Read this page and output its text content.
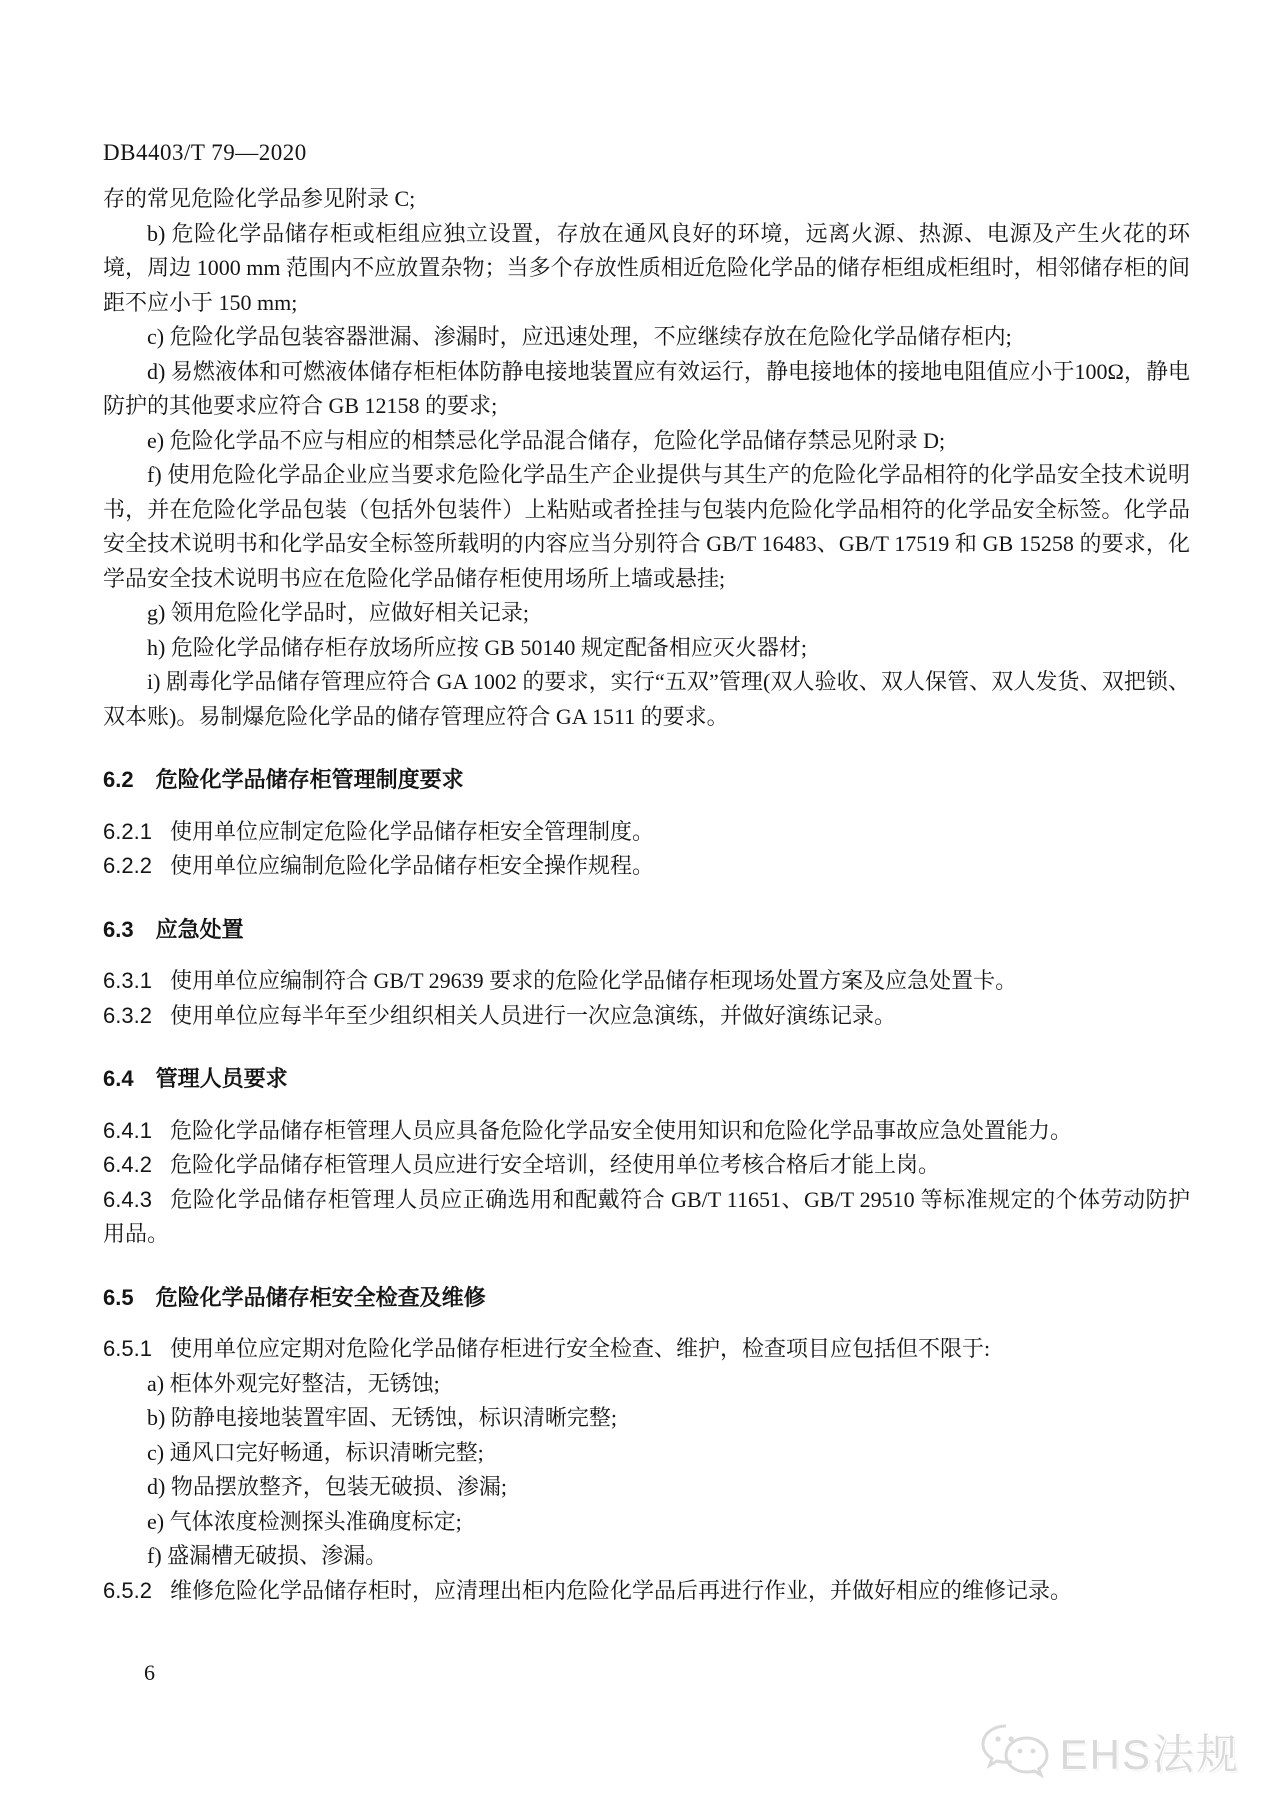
DB4403/T 79—2020

存的常见危险化学品参见附录 C;

b) 危险化学品储存柜或柜组应独立设置，存放在通风良好的环境，远离火源、热源、电源及产生火花的环境，周边 1000 mm 范围内不应放置杂物；当多个存放性质相近危险化学品的储存柜组成柜组时，相邻储存柜的间距不应小于 150 mm;

c) 危险化学品包装容器泄漏、渗漏时，应迅速处理，不应继续存放在危险化学品储存柜内;

d) 易燃液体和可燃液体储存柜柜体防静电接地装置应有效运行，静电接地体的接地电阻值应小于100Ω，静电防护的其他要求应符合 GB 12158 的要求;

e) 危险化学品不应与相应的相禁忌化学品混合储存，危险化学品储存禁忌见附录 D;

f) 使用危险化学品企业应当要求危险化学品生产企业提供与其生产的危险化学品相符的化学品安全技术说明书，并在危险化学品包装（包括外包装件）上粘贴或者拴挂与包装内危险化学品相符的化学品安全标签。化学品安全技术说明书和化学品安全标签所载明的内容应当分别符合 GB/T 16483、GB/T 17519 和 GB 15258 的要求，化学品安全技术说明书应在危险化学品储存柜使用场所上墙或悬挂;

g) 领用危险化学品时，应做好相关记录;

h) 危险化学品储存柜存放场所应按 GB 50140 规定配备相应灭火器材;

i) 剧毒化学品储存管理应符合 GA 1002 的要求，实行“五双”管理(双人验收、双人保管、双人发货、双把锁、双本账)。易制爆危险化学品的储存管理应符合 GA 1511 的要求。

6.2 危险化学品储存柜管理制度要求

6.2.1 使用单位应制定危险化学品储存柜安全管理制度。

6.2.2 使用单位应编制危险化学品储存柜安全操作规程。

6.3 应急处置

6.3.1 使用单位应编制符合 GB/T 29639 要求的危险化学品储存柜现场处置方案及应急处置卡。

6.3.2 使用单位应每半年至少组织相关人员进行一次应急演练，并做好演练记录。

6.4 管理人员要求

6.4.1 危险化学品储存柜管理人员应具备危险化学品安全使用知识和危险化学品事故应急处置能力。

6.4.2 危险化学品储存柜管理人员应进行安全培训，经使用单位考核合格后才能上岗。

6.4.3 危险化学品储存柜管理人员应正确选用和配戴符合 GB/T 11651、GB/T 29510 等标准规定的个体劳动防护用品。

6.5 危险化学品储存柜安全检查及维修

6.5.1 使用单位应定期对危险化学品储存柜进行安全检查、维护，检查项目应包括但不限于:

a) 柜体外观完好整洁，无锈蚀;

b) 防静电接地装置牢固、无锈蚀，标识清晰完整;

c) 通风口完好畅通，标识清晰完整;

d) 物品摆放整齐，包装无破损、渗漏;

e) 气体浓度检测探头准确度标定;

f) 盛漏槽无破损、渗漏。

6.5.2 维修危险化学品储存柜时，应清理出柜内危险化学品后再进行作业，并做好相应的维修记录。

6
EHS法规
